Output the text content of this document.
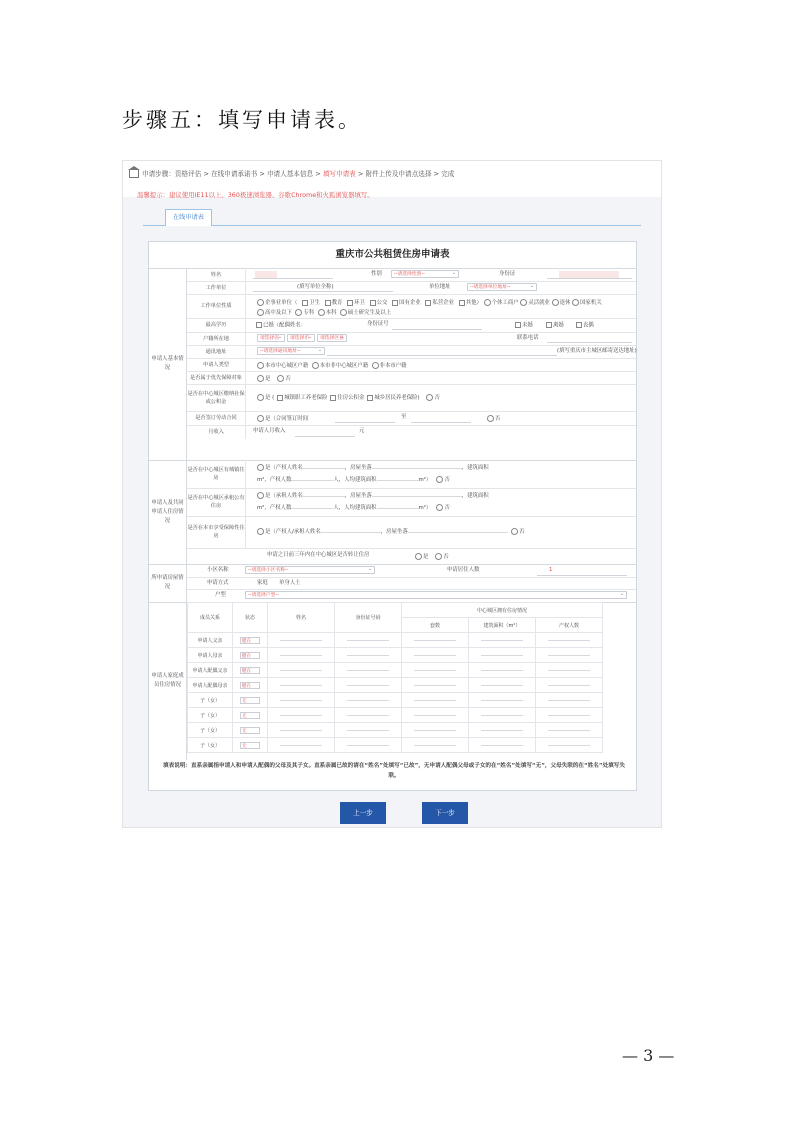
步骤五：填写申请表。
申请步骤：资格评估 > 在线申请承诺书 > 申请人基本信息 > 填写申请表 > 附件上传及申请点选择 > 完成
温馨提示：建议使用IE11以上、360极速浏览器、谷歌Chrome和火狐浏览器填写。
在线申请表
重庆市公共租赁住房申请表
申请人基本情况
姓名	性别	--请选择性别-- ⌄	身份证
工作单位	(填写单位全称)	单位地址	--请选择单位地址-- ⌄
工作单位性质	企事业单位（ 卫生 教育 环卫 公交 国有企业 私营企业 其他） 个体工商户 灵活就业 退休 国家机关
高中及以下 专科 本科 硕士研究生及以上
最高学历	已婚（配偶姓名：	身份证号	未婚	离婚	丧偶
户籍所在地	请选择省 ⌄	请选择市 ⌄	请选择区县 ⌄	联系电话
通讯地址	--请选择通讯地址-- ⌄	(填写重庆市主城区邮寄送达地址)
申请人类型	本市中心城区户籍 本市非中心城区户籍 非本市户籍
是否属于优先保障对象	是	否
是否在中心城区缴纳社保或公积金
是 ( 城镇职工养老保险 住房公积金 城乡居民养老保险)    否
是否签订劳动合同	是（合同签订时间	至	否
月收入	申请人月收入	元
申请人及共同申请人住房情况
是否在中心城区有城镇住房
是（产权人姓名	，房屋坐落	，建筑面积
m²，产权人数	人，人均建筑面积	m²） 否
是否在中心城区承租公有住房
是（承租人姓名	，房屋坐落	，建筑面积
m²，产权人数	人，人均建筑面积	m²） 否
是否在本市享受保障性住房
是（产权人/承租人姓名	，房屋坐落	否
申请之日前三年内在中心城区是否转让住房	是	否
所申请房屋情况
小区名称	--请选择小区名称-- ⌄	申请居住人数	1
申请方式	家庭 单身人士
户型	--请选择户型-- ⌄
申请人家庭成员住房情况
成员关系	状态	姓名	身份证号码	中心城区拥有住房情况		
				套数	建筑面积（m²）	产权人数
申请人父亲	健在					
申请人母亲	健在					
申请人配偶父亲	健在					
申请人配偶母亲	健在					
子（女）	无					
子（女）	无					
子（女）	无					
子（女）	无					
填表说明：直系亲属指申请人和申请人配偶的父母及其子女。直系亲属已故的请在“姓名”处填写“已故”，无申请人配偶父母或子女的在“姓名”处填写“无”，父母失联的在“姓名”处填写失联。
上一步	下一步
— 3 —
